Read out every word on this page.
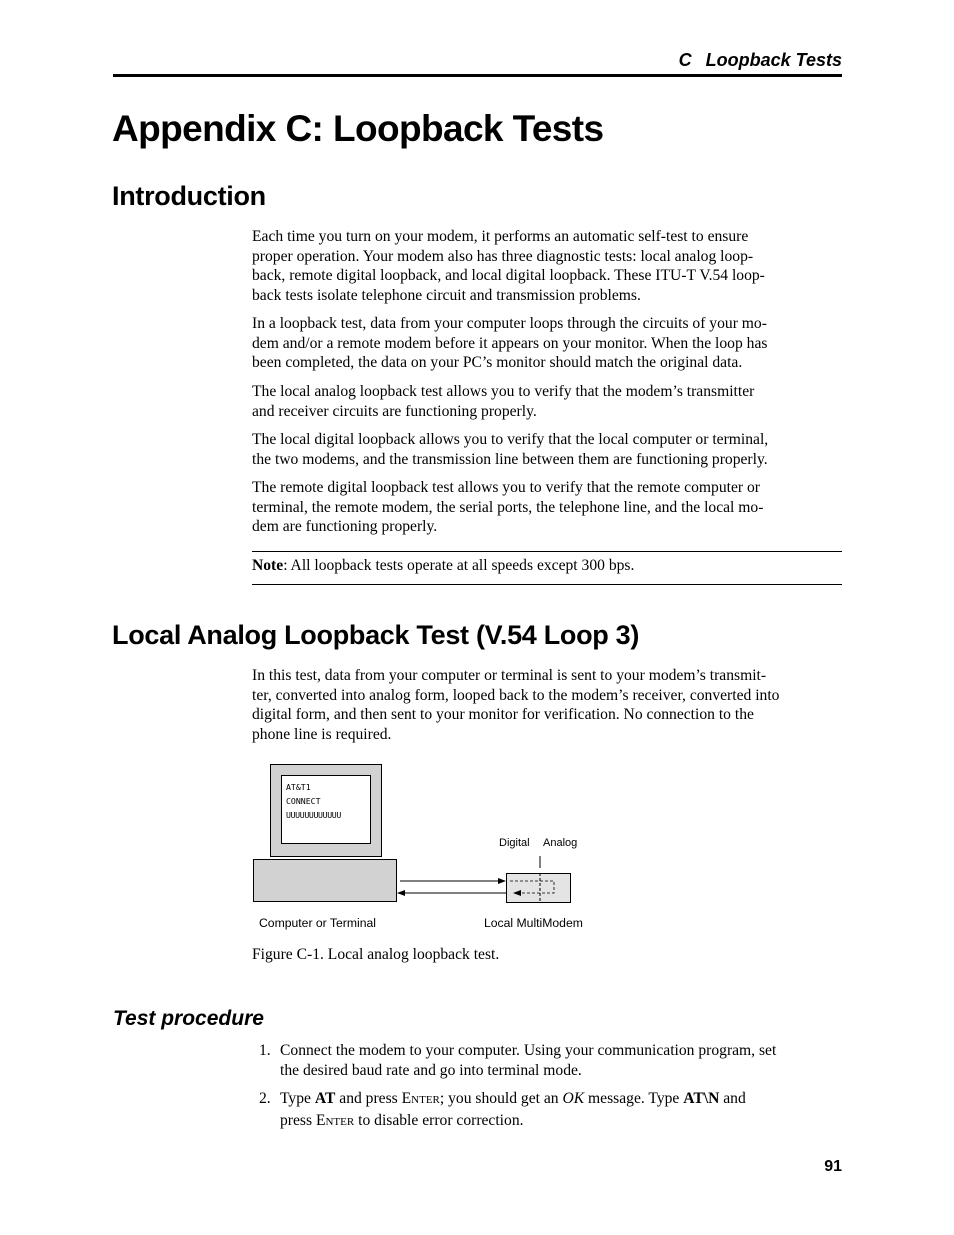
C Loopback Tests
Appendix C: Loopback Tests
Introduction

Each time you turn on your modem, it performs an automatic self-test to ensure

proper operation. Your modem also has three diagnostic tests: local analog loop-

back, remote digital loopback, and local digital loopback. These ITU-T V.54 loop-

back tests isolate telephone circuit and transmission problems.

In a loopback test, data from your computer loops through the circuits of your mo-

dem and/or a remote modem before it appears on your monitor. When the loop has

been completed, the data on your PC’s monitor should match the original data.

The local analog loopback test allows you to verify that the modem’s transmitter

and receiver circuits are functioning properly.

The local digital loopback allows you to verify that the local computer or terminal,

the two modems, and the transmission line between them are functioning properly.

The remote digital loopback test allows you to verify that the remote computer or

terminal, the remote modem, the serial ports, the telephone line, and the local mo-

dem are functioning properly.

Note: All loopback tests operate at all speeds except 300 bps.
Local Analog Loopback Test (V.54 Loop 3)

In this test, data from your computer or terminal is sent to your modem’s transmit-

ter, converted into analog form, looped back to the modem’s receiver, converted into

digital form, and then sent to your monitor for verification. No connection to the

phone line is required.

AT&T1
CONNECT
UUUUUUUUUUUU
Digital Analog
Computer or Terminal	Local MultiModem
Figure C-1. Local analog loopback test.
Test procedure
1. Connect the modem to your computer. Using your communication program, set
the desired baud rate and go into terminal mode.
2. Type AT and press ENTER; you should get an OK message. Type AT\N and
press ENTER to disable error correction.
91
